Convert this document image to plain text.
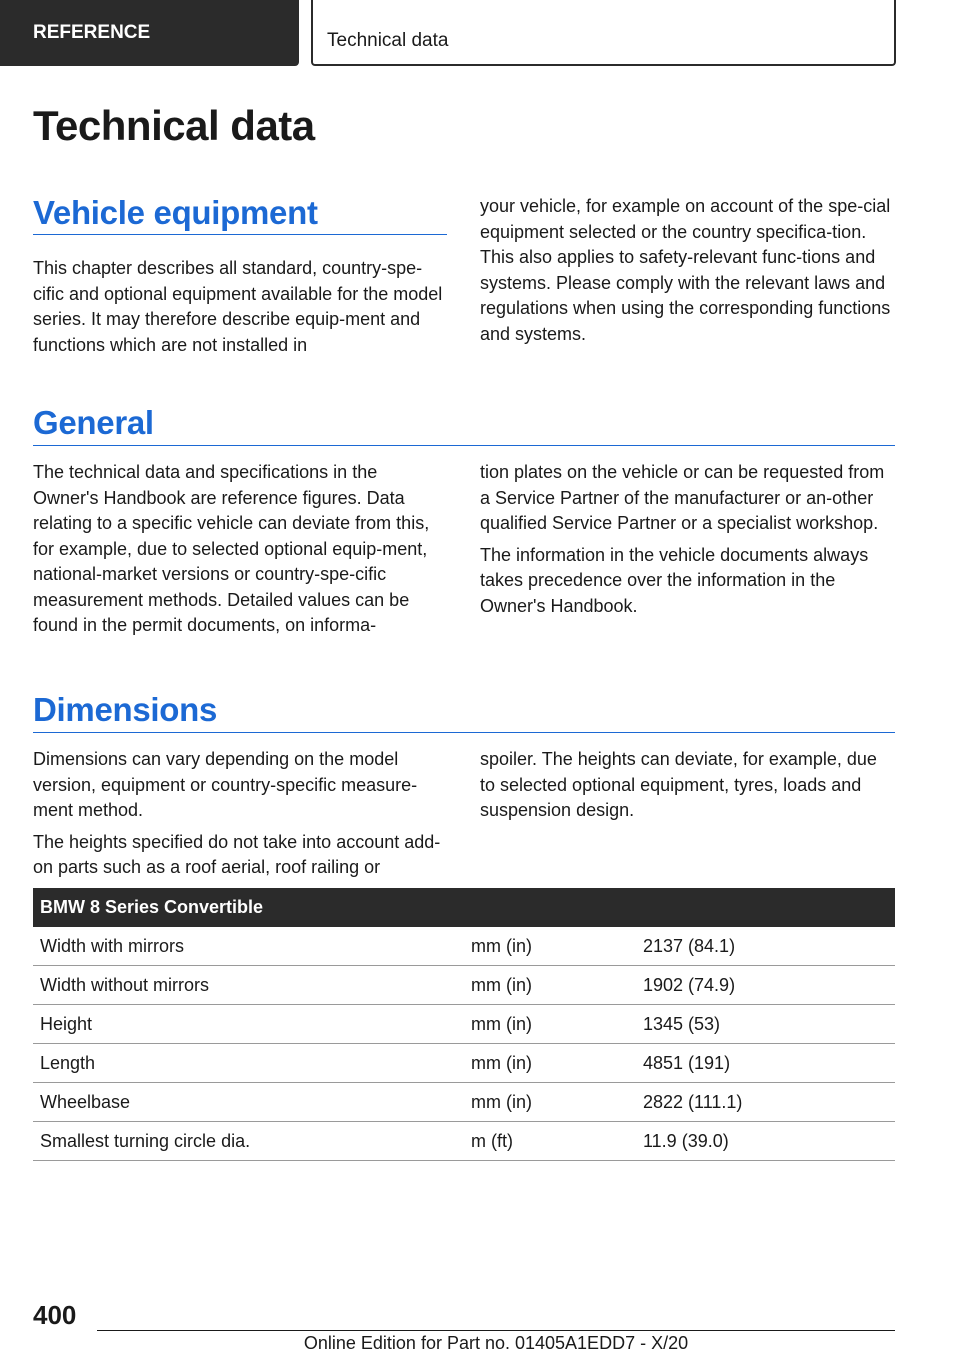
REFERENCE	Technical data
Technical data
Vehicle equipment

This chapter describes all standard, country-spe-cific and optional equipment available for the model series. It may therefore describe equip-ment and functions which are not installed in

your vehicle, for example on account of the spe-cial equipment selected or the country specifica-tion. This also applies to safety-relevant func-tions and systems. Please comply with the relevant laws and regulations when using the corresponding functions and systems.

General

The technical data and specifications in the Owner's Handbook are reference figures. Data relating to a specific vehicle can deviate from this, for example, due to selected optional equip-ment, national-market versions or country-spe-cific measurement methods. Detailed values can be found in the permit documents, on informa-

tion plates on the vehicle or can be requested from a Service Partner of the manufacturer or an-other qualified Service Partner or a specialist workshop.

The information in the vehicle documents always takes precedence over the information in the Owner's Handbook.

Dimensions

Dimensions can vary depending on the model version, equipment or country-specific measure-ment method.

The heights specified do not take into account add-on parts such as a roof aerial, roof railing or

spoiler. The heights can deviate, for example, due to selected optional equipment, tyres, loads and suspension design.

BMW 8 Series Convertible		
Width with mirrors	mm (in)	2137 (84.1)
Width without mirrors	mm (in)	1902 (74.9)
Height	mm (in)	1345 (53)
Length	mm (in)	4851 (191)
Wheelbase	mm (in)	2822 (111.1)
Smallest turning circle dia.	m (ft)	11.9 (39.0)
400
Online Edition for Part no. 01405A1EDD7 - X/20
